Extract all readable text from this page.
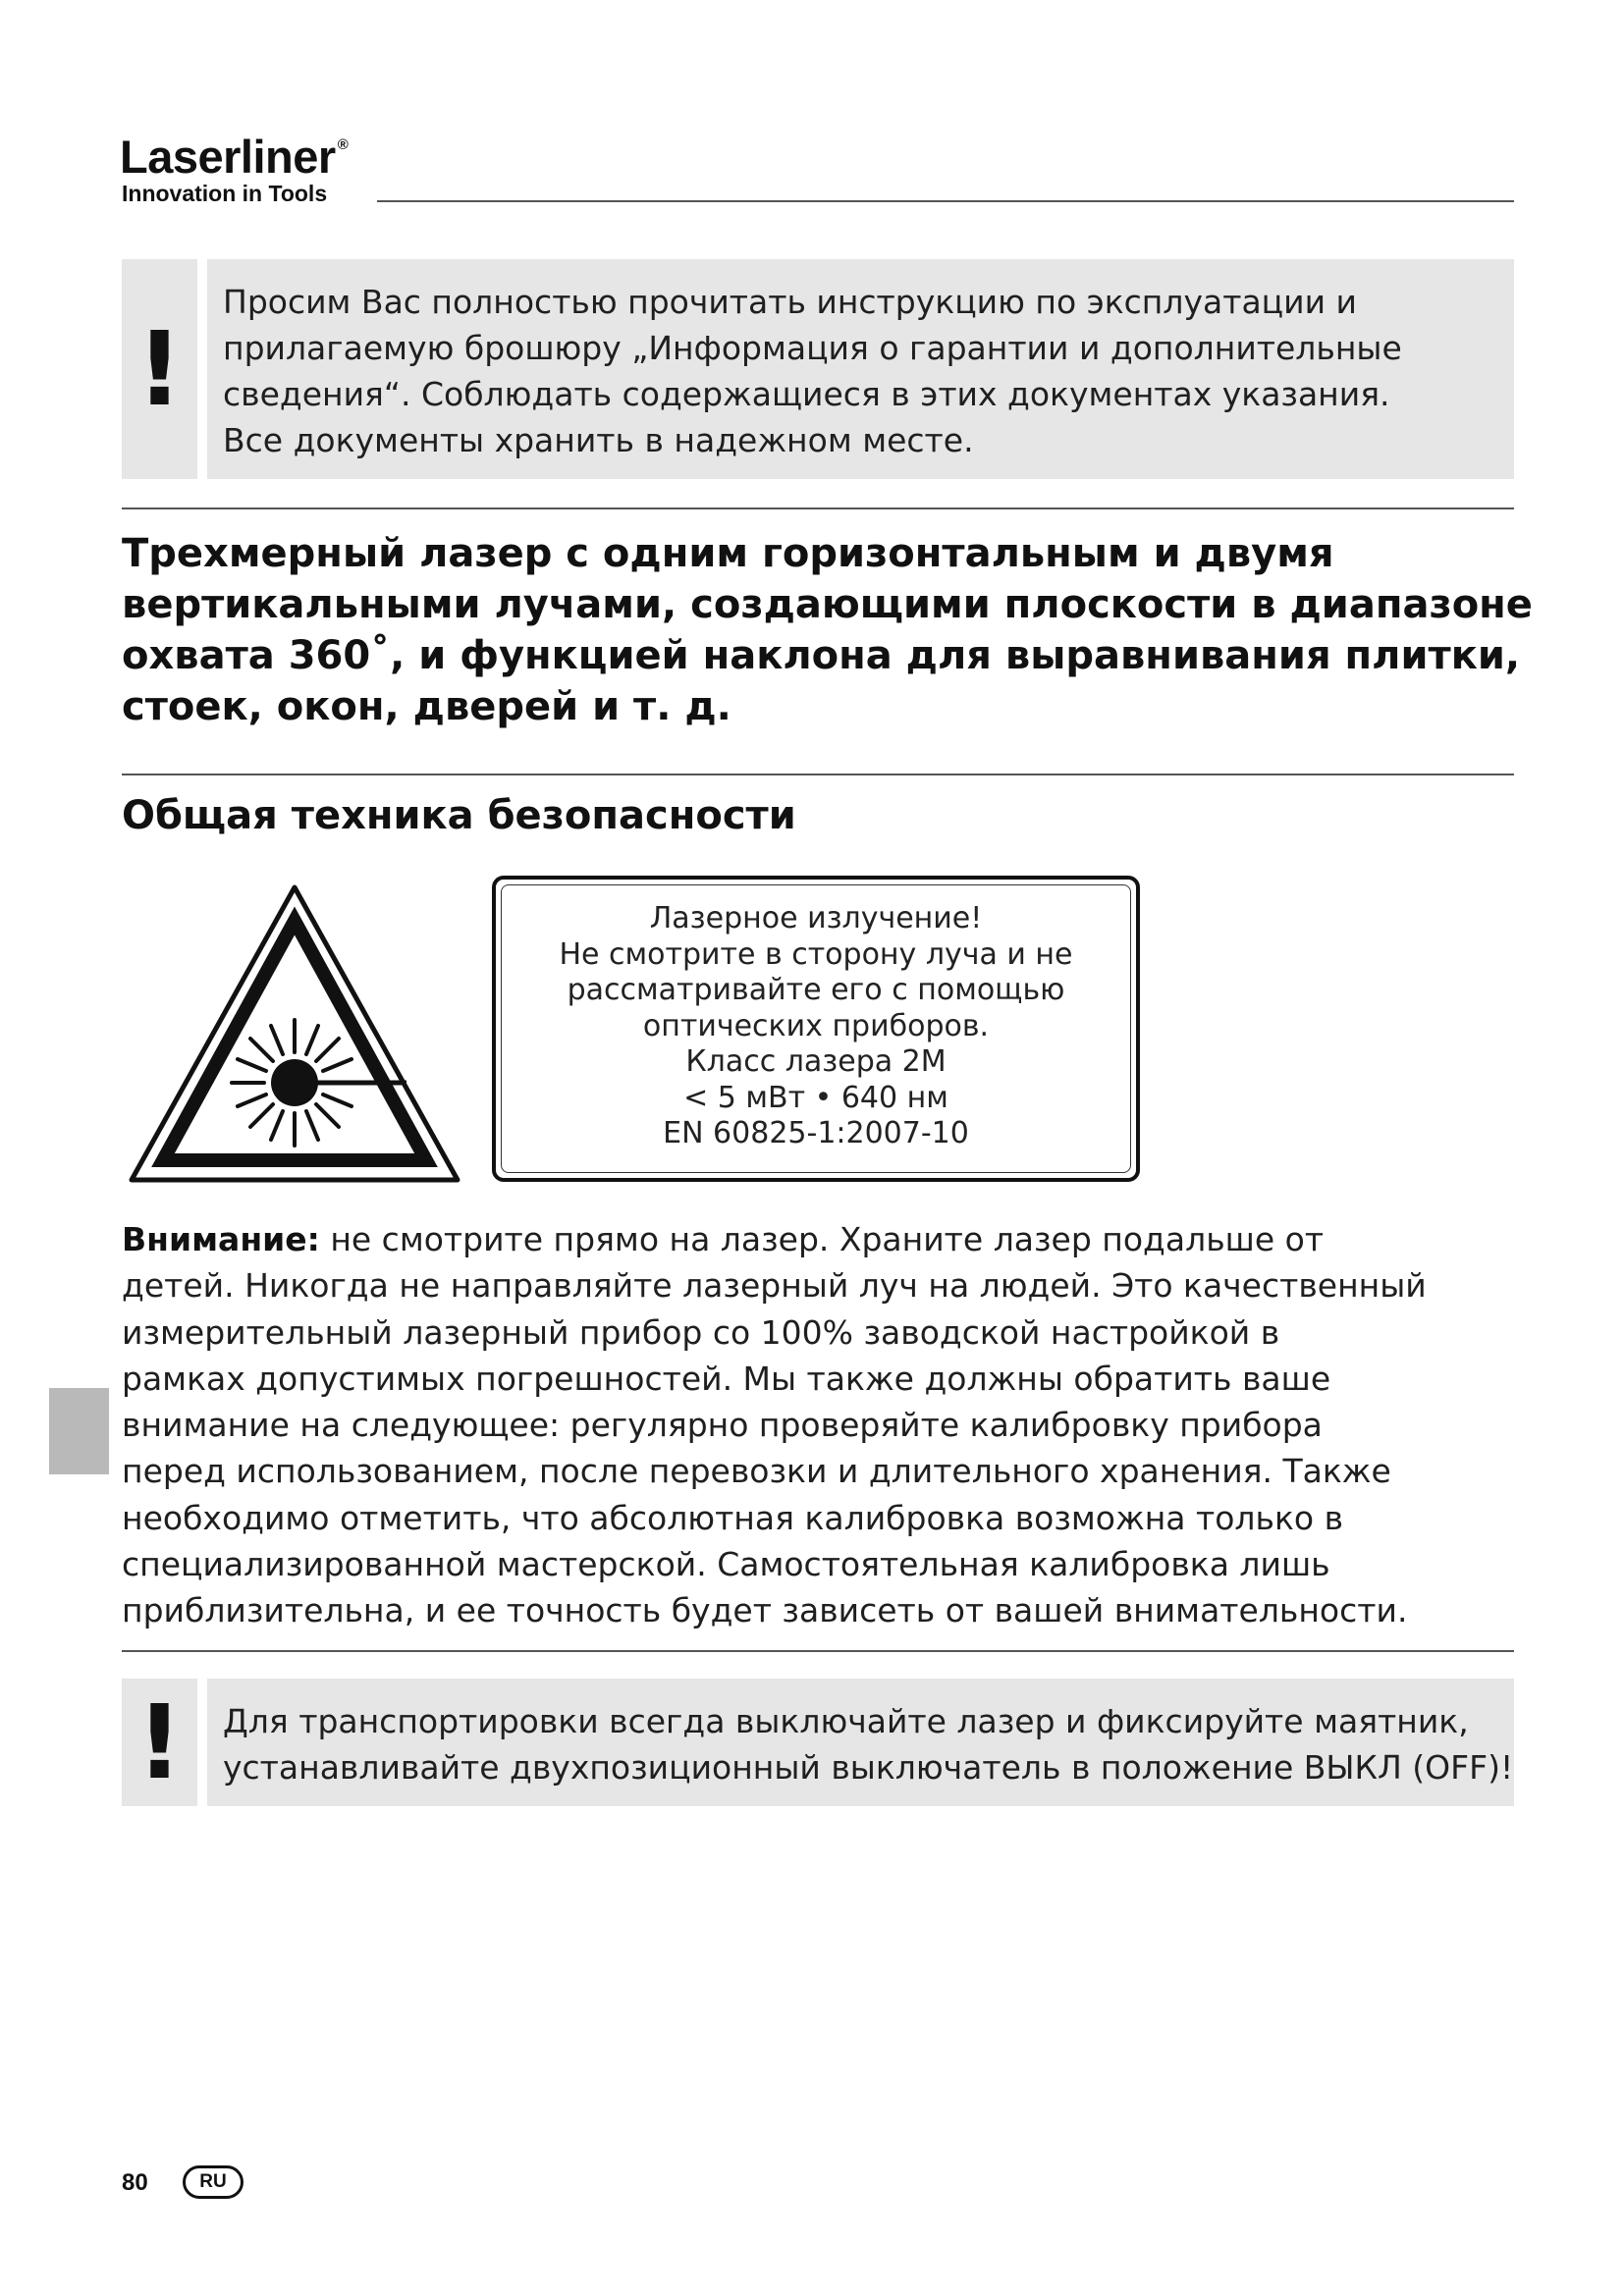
Laserliner ®
Innovation in Tools
!
Просим Вас полностью прочитать инструкцию по эксплуатации и
прилагаемую брошюру „Информация о гарантии и дополнительные
сведения“. Соблюдать содержащиеся в этих документах указания.
Все документы хранить в надежном месте.
Трехмерный лазер с одним горизонтальным и двумя
вертикальными лучами, создающими плоскости в диапазоне
охвата 360˚, и функцией наклона для выравнивания плитки,
стоек, окон, дверей и т. д.
Общая техника безопасности
Лазерное излучение!
Не смотрите в сторону луча и не
рассматривайте его с помощью
оптических приборов.
Класс лазера 2M
< 5 мВт • 640 нм
EN 60825-1:2007-10
Внимание: не смотрите прямо на лазер. Храните лазер подальше от
детей. Никогда не направляйте лазерный луч на людей. Это качественный
измерительный лазерный прибор со 100% заводской настройкой в
рамках допустимых погрешностей. Мы также должны обратить ваше
внимание на следующее: регулярно проверяйте калибровку прибора
перед использованием, после перевозки и длительного хранения. Также
необходимо отметить, что абсолютная калибровка возможна только в
специализированной мастерской. Самостоятельная калибровка лишь
приблизительна, и ее точность будет зависеть от вашей внимательности.
!	Для транспортировки всегда выключайте лазер и фиксируйте маятник,
устанавливайте двухпозиционный выключатель в положение ВЫКЛ (OFF)!
80	RU
